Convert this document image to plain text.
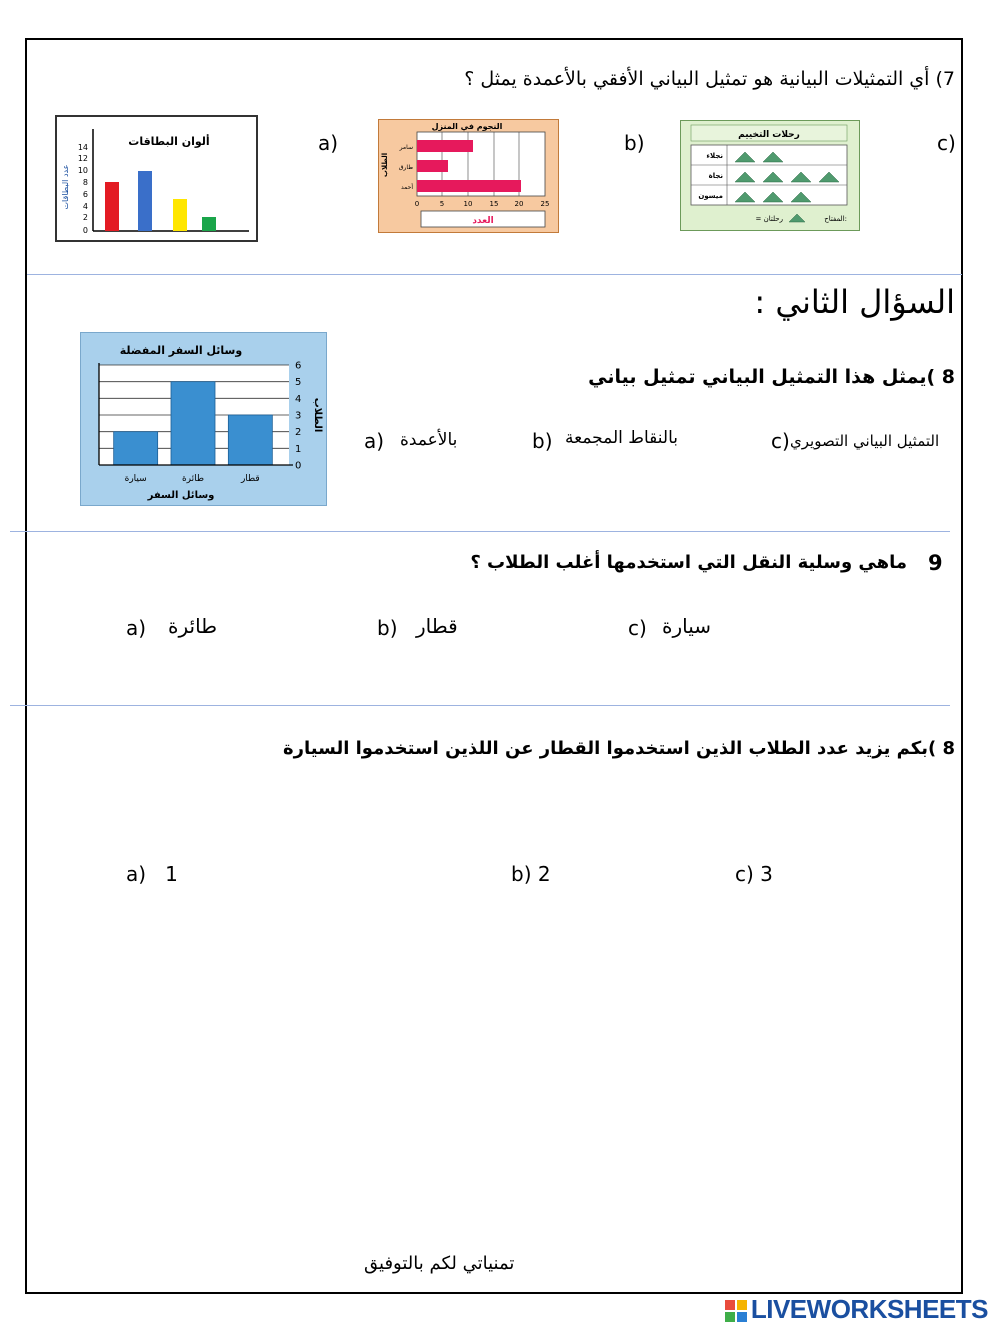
7) أي التمثيلات البيانية هو تمثيل البياني الأفقي بالأعمدة يمثل ؟
ألوان البطاقات
14
12
10
8
6
4
2
0
عدد البطاقات
a)
النجوم في المنزل
سامر
طارق
أحمد
الطلاب
0	5	10 15 20 25
العدد
b)	رحلات التخييم
نجلاء
نجاة
ميسون
المفتاح:
= رحلتان
c)
السؤال الثاني :
وسائل السفر المفضلة
0
1
2
3
4
5
6
سيارة	طائرة	قطار
وسائل السفر
الطلاب
8 )يمثل هذا التمثيل البياني تمثيل بياني
a) بالأعمدة	b) بالنقاط المجمعة	c) التمثيل البياني التصويري
9
ماهي وسلية النقل التي استخدمها أغلب الطلاب ؟
a) طائرة	b) قطار	c) سيارة
8 )بكم يزيد عدد الطلاب الذين استخدموا القطار عن اللذين استخدموا السيارة
a)   1	b) 2	c) 3
تمنياتي لكم بالتوفيق
LIVEWORKSHEETS
